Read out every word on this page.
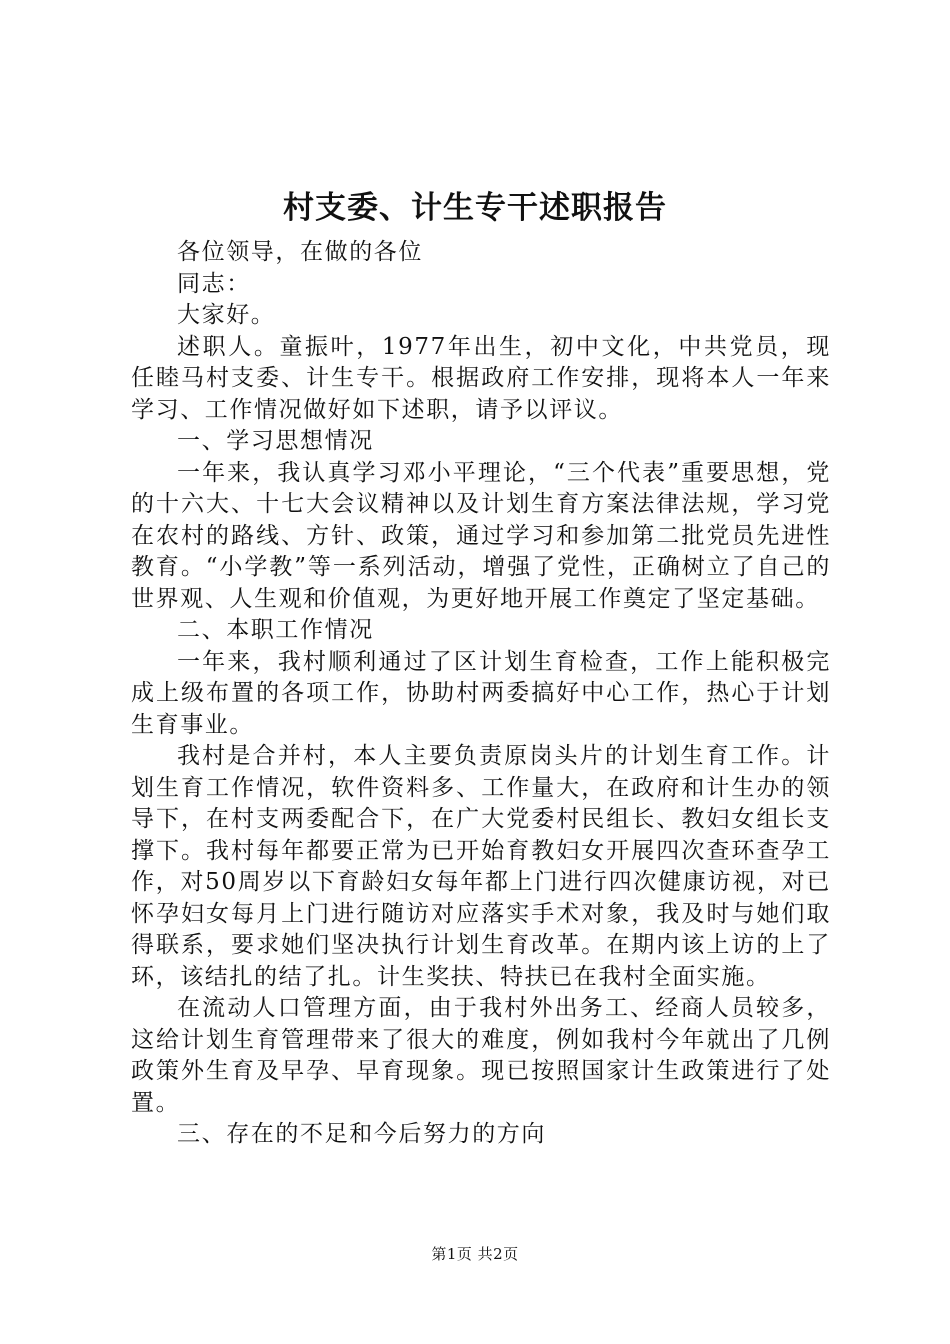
村支委、计生专干述职报告

各位领导，在做的各位

同志：

大家好。

述职人。童振叶，1977年出生，初中文化，中共党员，现任睦马村支委、计生专干。根据政府工作安排，现将本人一年来学习、工作情况做好如下述职，请予以评议。

一、学习思想情况

一年来，我认真学习邓小平理论，“三个代表”重要思想，党的十六大、十七大会议精神以及计划生育方案法律法规，学习党在农村的路线、方针、政策，通过学习和参加第二批党员先进性教育。“小学教”等一系列活动，增强了党性，正确树立了自己的世界观、人生观和价值观，为更好地开展工作奠定了坚定基础。

二、本职工作情况

一年来，我村顺利通过了区计划生育检查，工作上能积极完成上级布置的各项工作，协助村两委搞好中心工作，热心于计划生育事业。

我村是合并村，本人主要负责原岗头片的计划生育工作。计划生育工作情况，软件资料多、工作量大，在政府和计生办的领导下，在村支两委配合下，在广大党委村民组长、教妇女组长支撑下。我村每年都要正常为已开始育教妇女开展四次查环查孕工作，对50周岁以下育龄妇女每年都上门进行四次健康访视，对已怀孕妇女每月上门进行随访对应落实手术对象，我及时与她们取得联系，要求她们坚决执行计划生育改革。在期内该上访的上了环，该结扎的结了扎。计生奖扶、特扶已在我村全面实施。

在流动人口管理方面，由于我村外出务工、经商人员较多，这给计划生育管理带来了很大的难度，例如我村今年就出了几例政策外生育及早孕、早育现象。现已按照国家计生政策进行了处置。

三、存在的不足和今后努力的方向

第1页 共2页
